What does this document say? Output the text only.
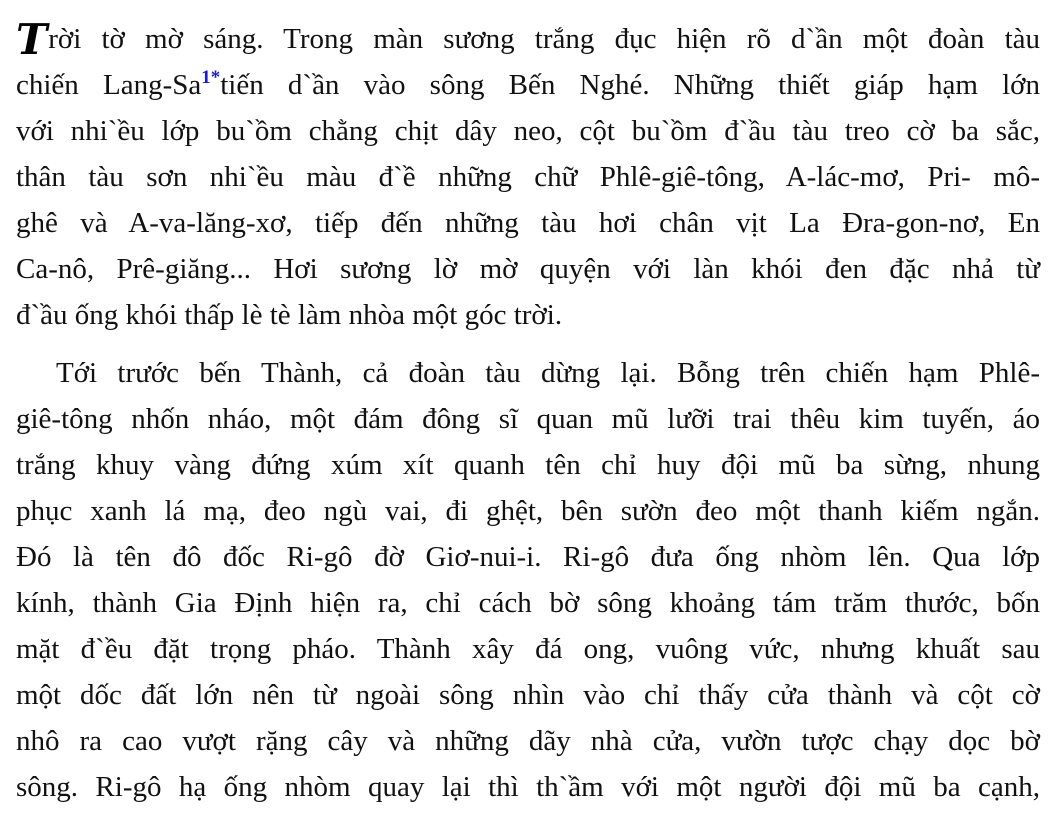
Trời tờ mờ sáng. Trong màn sương trắng đục hiện rõ d`ần một đoàn tàu
chiến Lang-Sa$^{1*}$tiến d`ần vào sông Bến Nghé. Những thiết giáp hạm lớn
với nhi`ều lớp bu`ồm chằng chịt dây neo, cột bu`ồm đ`ầu tàu treo cờ ba sắc,
thân tàu sơn nhi`ều màu đ`ề những chữ Phlê-giê-tông, A-lác-mơ, Pri- mô-
ghê và A-va-lăng-xơ, tiếp đến những tàu hơi chân vịt La Đra-gon-nơ, En
Ca-nô, Prê-giăng... Hơi sương lờ mờ quyện với làn khói đen đặc nhả từ
đ`ầu ống khói thấp lè tè làm nhòa một góc trời.
Tới trước bến Thành, cả đoàn tàu dừng lại. Bỗng trên chiến hạm Phlê-
giê-tông nhốn nháo, một đám đông sĩ quan mũ lưỡi trai thêu kim tuyến, áo
trắng khuy vàng đứng xúm xít quanh tên chỉ huy đội mũ ba sừng, nhung
phục xanh lá mạ, đeo ngù vai, đi ghệt, bên sườn đeo một thanh kiếm ngắn.
Đó là tên đô đốc Ri-gô đờ Giơ-nui-i. Ri-gô đưa ống nhòm lên. Qua lớp
kính, thành Gia Định hiện ra, chỉ cách bờ sông khoảng tám trăm thước, bốn
mặt đ`ều đặt trọng pháo. Thành xây đá ong, vuông vức, nhưng khuất sau
một dốc đất lớn nên từ ngoài sông nhìn vào chỉ thấy cửa thành và cột cờ
nhô ra cao vượt rặng cây và những dãy nhà cửa, vườn tược chạy dọc bờ
sông. Ri-gô hạ ống nhòm quay lại thì th`ầm với một người đội mũ ba cạnh,
